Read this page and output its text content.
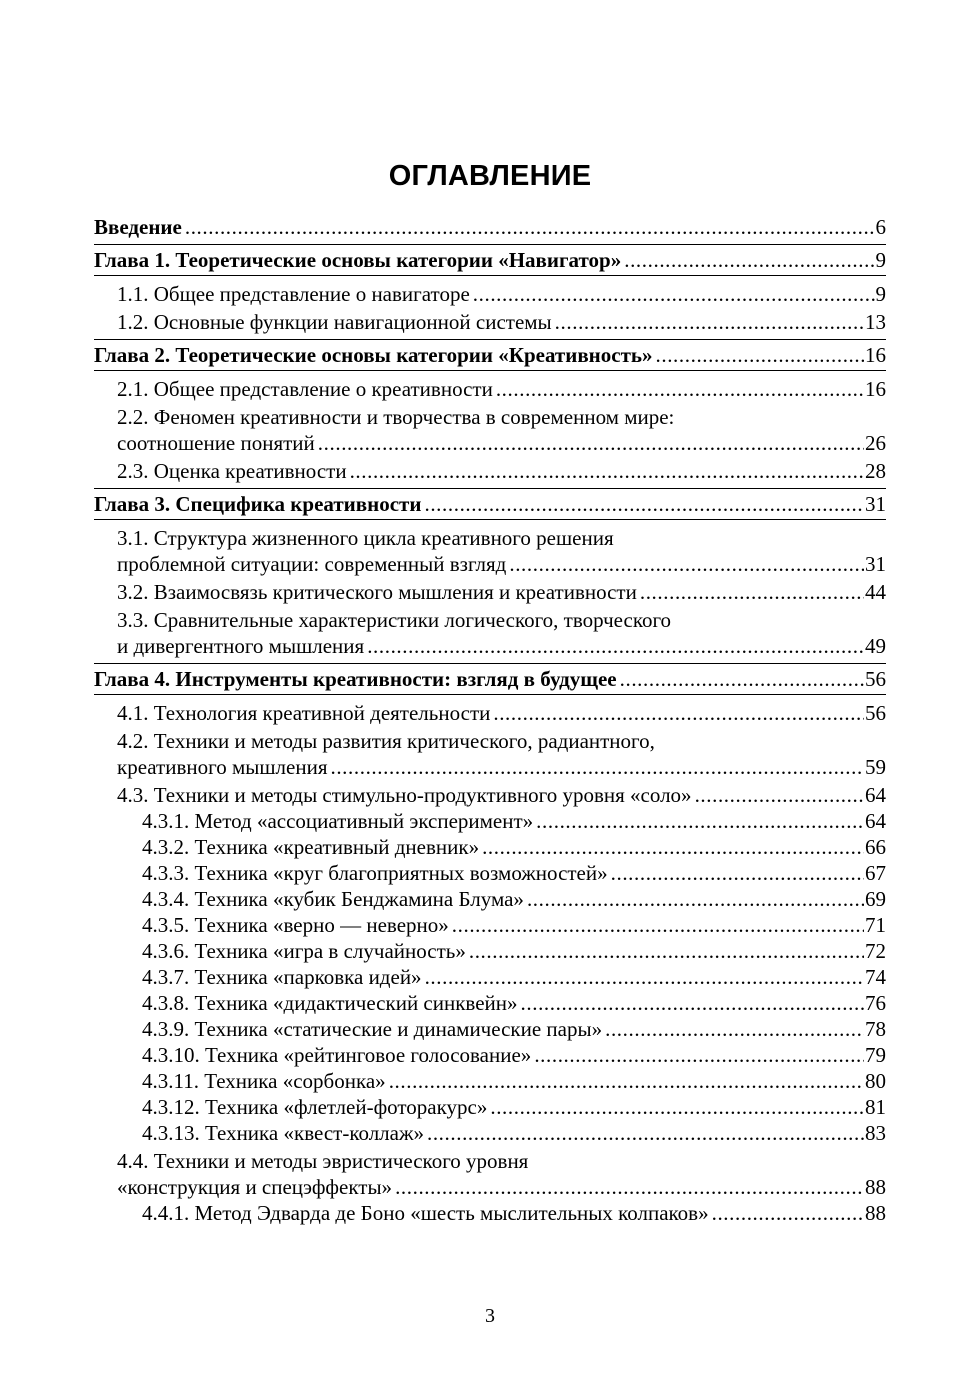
ОГЛАВЛЕНИЕ
Введение .....	6
Глава 1. Теоретические основы категории «Навигатор» .....	9
1.1. Общее представление о навигаторе .....	9
1.2. Основные функции навигационной системы .....	13
Глава 2. Теоретические основы категории «Креативность» .....	16
2.1. Общее представление о креативности .....	16
2.2. Феномен креативности и творчества в современном мире:
соотношение понятий .....	26
2.3. Оценка креативности .....	28
Глава 3. Специфика креативности .....	31
3.1. Структура жизненного цикла креативного решения
проблемной ситуации: современный взгляд .....	31
3.2. Взаимосвязь критического мышления и креативности .....	44
3.3. Сравнительные характеристики логического, творческого
и дивергентного мышления .....	49
Глава 4. Инструменты креативности: взгляд в будущее .....	56
4.1. Технология креативной деятельности .....	56
4.2. Техники и методы развития критического, радиантного,
креативного мышления .....	59
4.3. Техники и методы стимульно-продуктивного уровня «соло» .....	64
4.3.1. Метод «ассоциативный эксперимент» .....	64
4.3.2. Техника «креативный дневник» .....	66
4.3.3. Техника «круг благоприятных возможностей» .....	67
4.3.4. Техника «кубик Бенджамина Блума» .....	69
4.3.5. Техника «верно — неверно» .....	71
4.3.6. Техника «игра в случайность» .....	72
4.3.7. Техника «парковка идей» .....	74
4.3.8. Техника «дидактический синквейн» .....	76
4.3.9. Техника «статические и динамические пары» .....	78
4.3.10. Техника «рейтинговое голосование» .....	79
4.3.11. Техника «сорбонка» .....	80
4.3.12. Техника «флетлей-фоторакурс» .....	81
4.3.13. Техника «квест-коллаж» .....	83
4.4. Техники и методы эвристического уровня
«конструкция и спецэффекты» .....	88
4.4.1. Метод Эдварда де Боно «шесть мыслительных колпаков» .....	88
3
